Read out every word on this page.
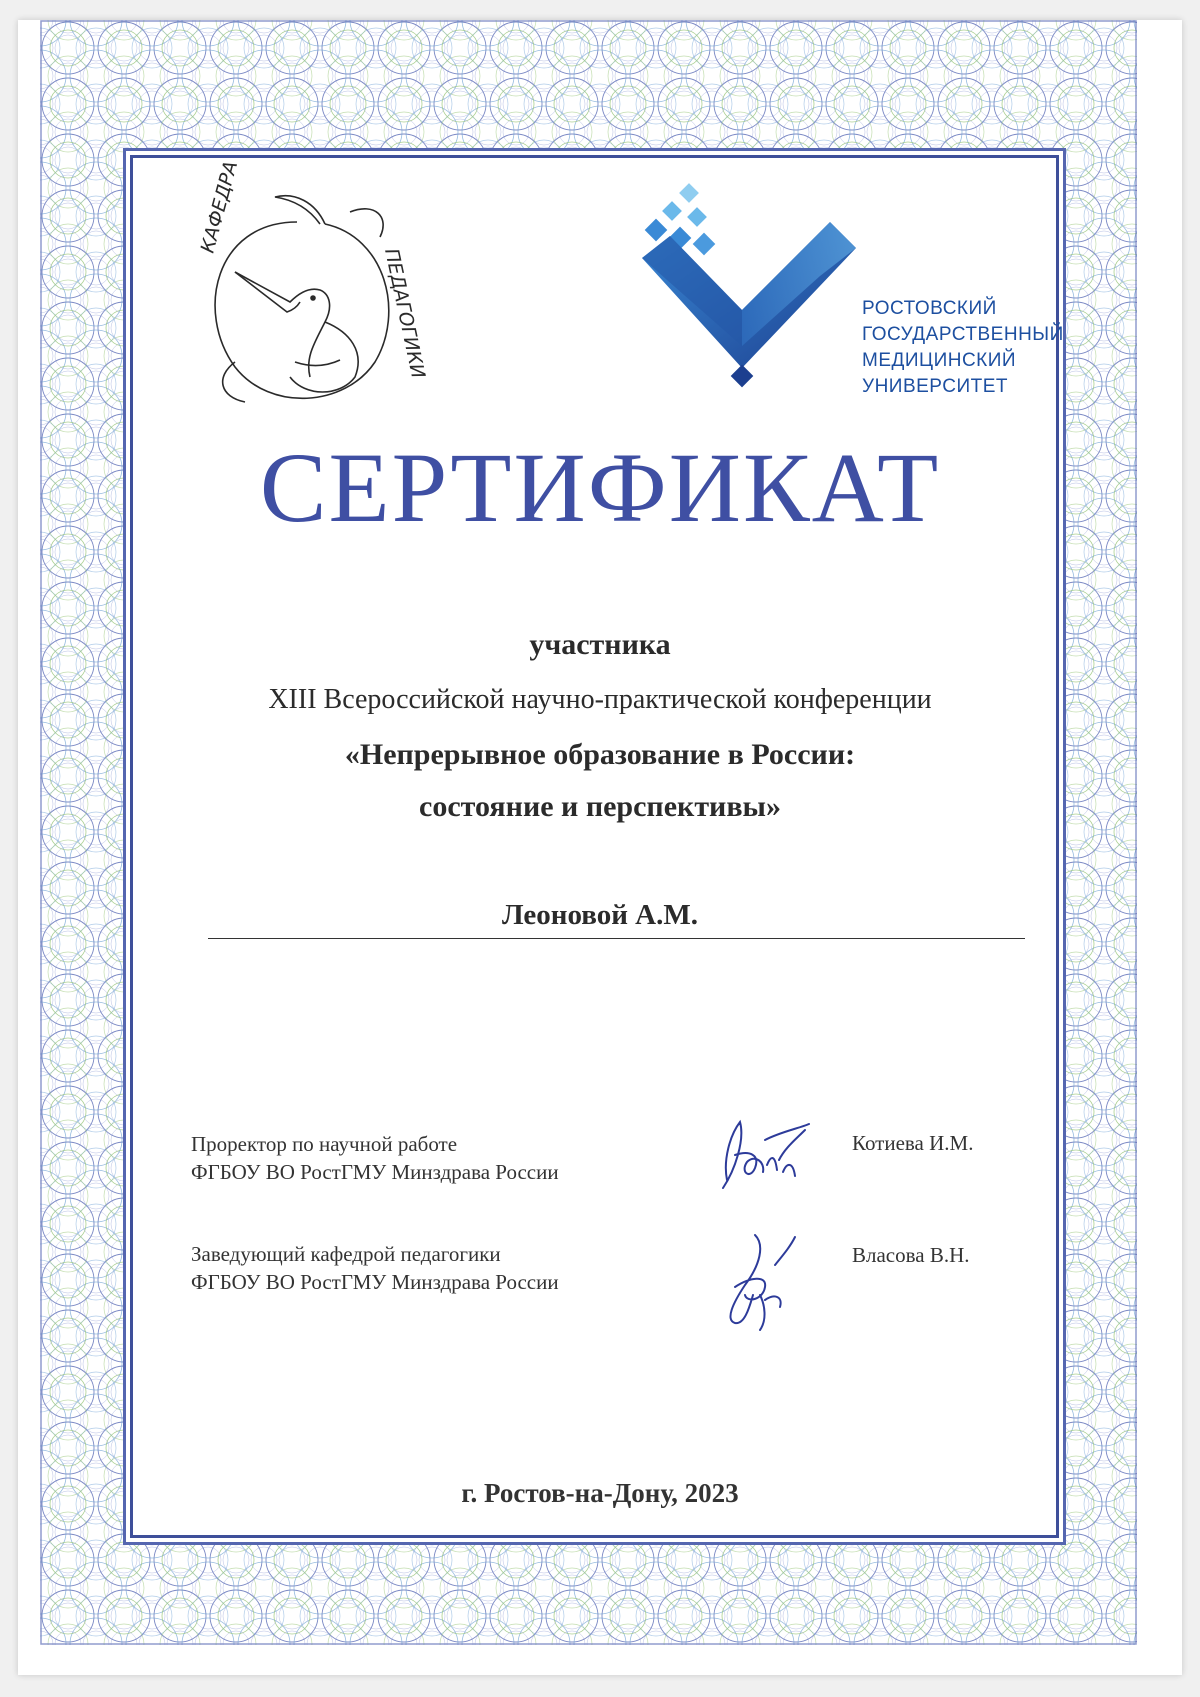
КАФЕДРА
ПЕДАГОГИКИ	РОСТОВСКИЙ
ГОСУДАРСТВЕННЫЙ
МЕДИЦИНСКИЙ
УНИВЕРСИТЕТ
СЕРТИФИКАТ
участника
XIII Всероссийской научно-практической конференции
«Непрерывное образование в России:
состояние и перспективы»
Леоновой А.М.
Проректор по научной работе
ФГБОУ ВО РостГМУ Минздрава России
Котиева И.М.
Заведующий кафедрой педагогики
ФГБОУ ВО РостГМУ Минздрава России
Власова В.Н.
г. Ростов-на-Дону, 2023
